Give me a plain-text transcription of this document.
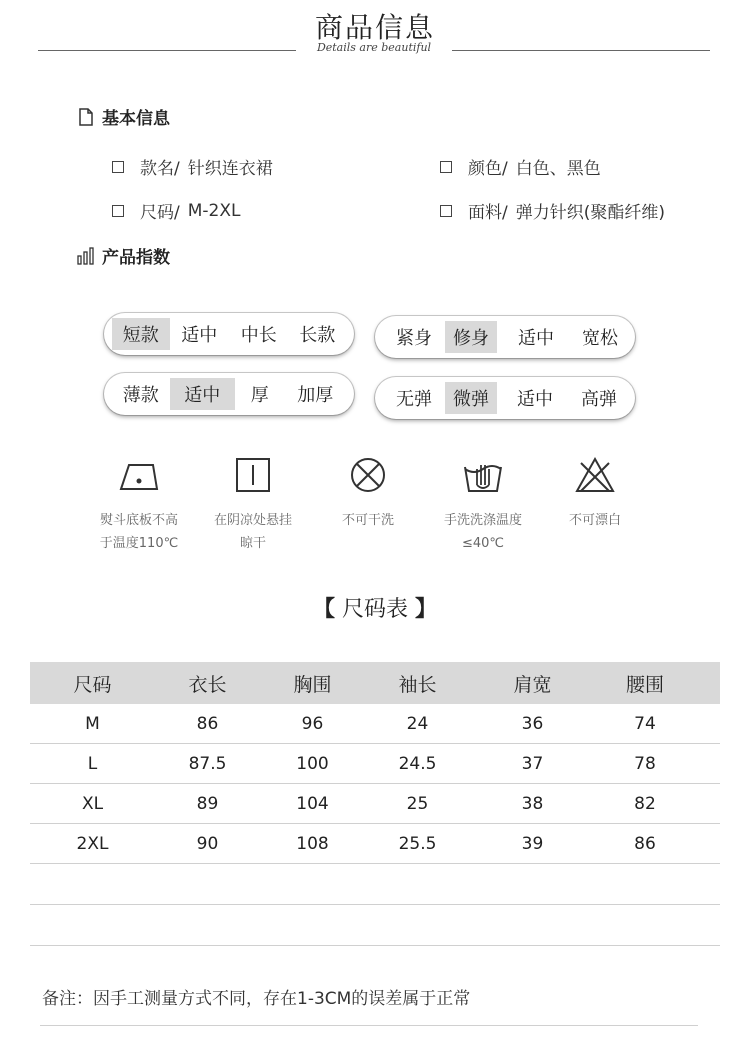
商品信息
Details are beautiful
基本信息
款名/ 针织连衣裙	颜色/ 白色、黑色
尺码/ M-2XL	面料/ 弹力针织(聚酯纤维)
产品指数
短款	适中	中长	长款	紧身	修身	适中	宽松
薄款	适中	厚	加厚	无弹	微弹	适中	高弹
熨斗底板不高
于温度110℃
在阴凉处悬挂
晾干
不可干洗	手洗洗涤温度
≤40℃
不可漂白
【 尺码表 】
尺码	衣长	胸围	袖长	肩宽	腰围
M	86	96	24	36	74
L	87.5	100	24.5	37	78
XL	89	104	25	38	82
2XL	90	108	25.5	39	86
备注：因手工测量方式不同，存在1-3CM的误差属于正常
